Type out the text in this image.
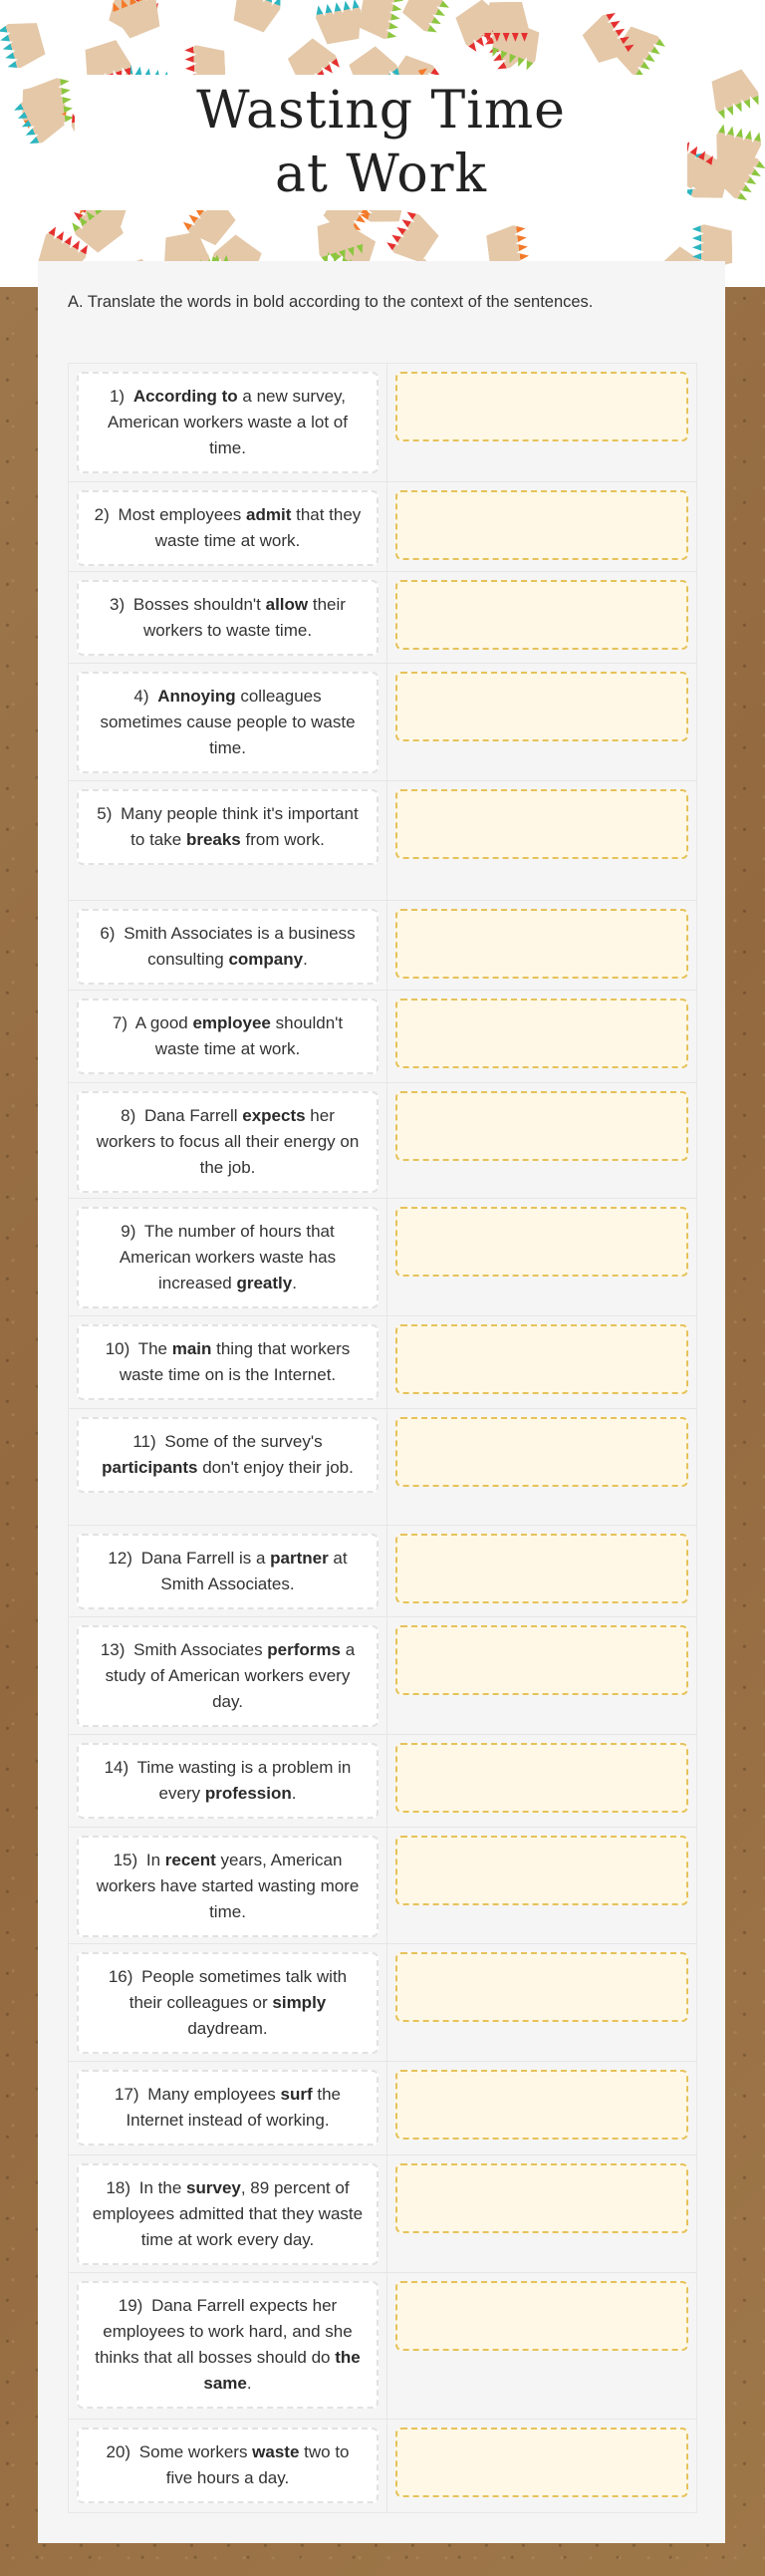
Wasting Time at Work
A. Translate the words in bold according to the context of the sentences.
1) According to a new survey, American workers waste a lot of time.
2) Most employees admit that they waste time at work.
3) Bosses shouldn't allow their workers to waste time.
4) Annoying colleagues sometimes cause people to waste time.
5) Many people think it's important to take breaks from work.
6) Smith Associates is a business consulting company.
7) A good employee shouldn't waste time at work.
8) Dana Farrell expects her workers to focus all their energy on the job.
9) The number of hours that American workers waste has increased greatly.
10) The main thing that workers waste time on is the Internet.
11) Some of the survey's participants don't enjoy their job.
12) Dana Farrell is a partner at Smith Associates.
13) Smith Associates performs a study of American workers every day.
14) Time wasting is a problem in every profession.
15) In recent years, American workers have started wasting more time.
16) People sometimes talk with their colleagues or simply daydream.
17) Many employees surf the Internet instead of working.
18) In the survey, 89 percent of employees admitted that they waste time at work every day.
19) Dana Farrell expects her employees to work hard, and she thinks that all bosses should do the same.
20) Some workers waste two to five hours a day.
